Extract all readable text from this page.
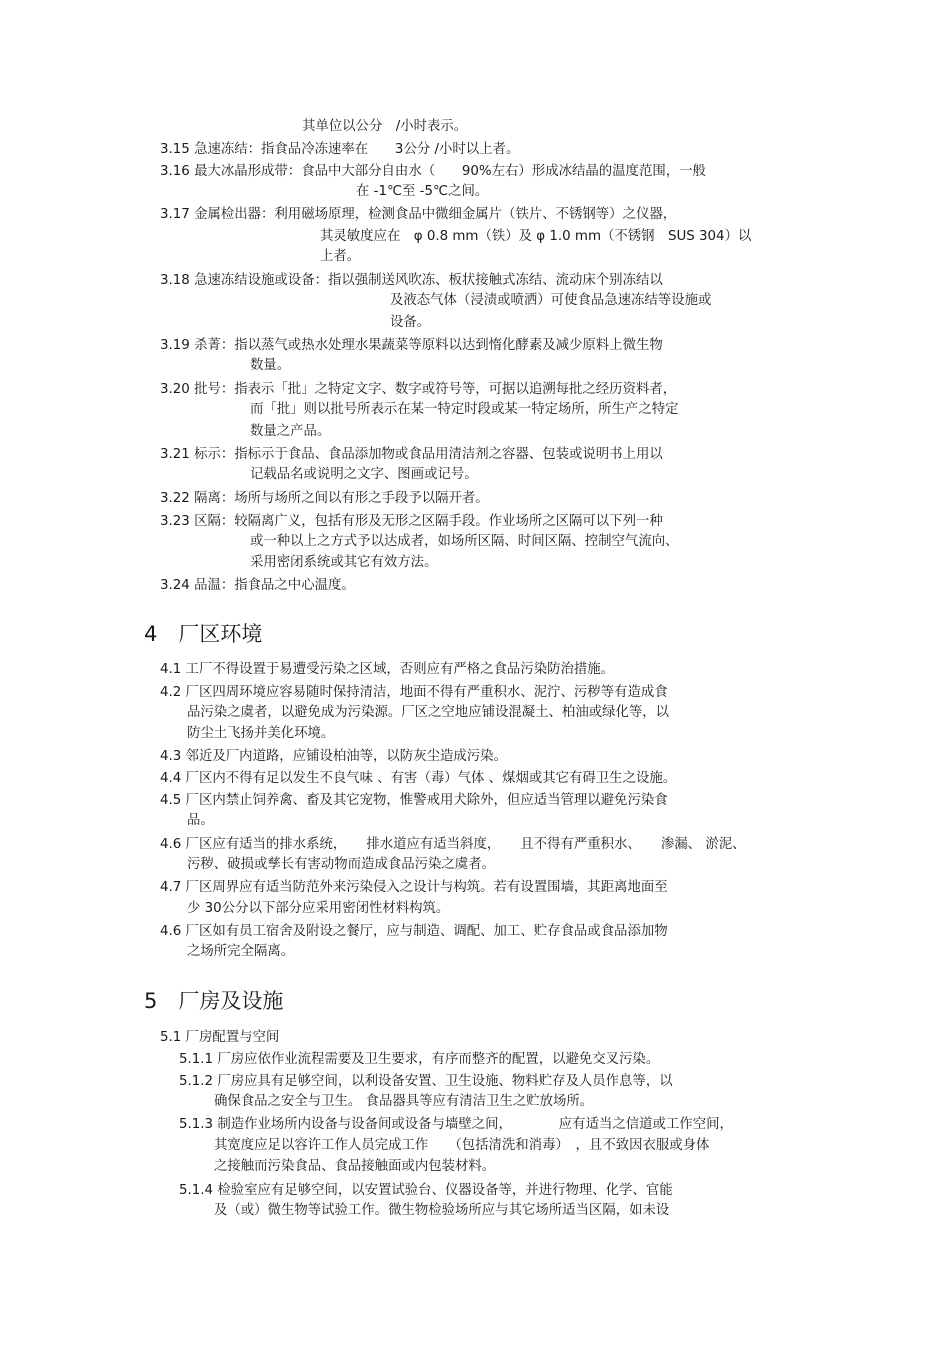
其单位以公分　/小时表示。
3.15 急速冻结：指食品冷冻速率在　　3公分 /小时以上者。
3.16 最大冰晶形成带：食品中大部分自由水（　　90%左右）形成冰结晶的温度范围，一般
在 -1℃至 -5℃之间。
3.17 金属检出器：利用磁场原理，检测食品中微细金属片（铁片、不锈钢等）之仪器，
其灵敏度应在　φ 0.8 mm（铁）及 φ 1.0 mm（不锈钢　SUS 304）以
上者。
3.18 急速冻结设施或设备：指以强制送风吹冻、板状接触式冻结、流动床个别冻结以
及液态气体（浸渍或喷洒）可使食品急速冻结等设施或
设备。
3.19 杀菁：指以蒸气或热水处理水果蔬菜等原料以达到惰化酵素及减少原料上微生物
数量。
3.20 批号：指表示「批」之特定文字、数字或符号等，可据以追溯每批之经历资料者，
而「批」则以批号所表示在某一特定时段或某一特定场所，所生产之特定
数量之产品。
3.21 标示：指标示于食品、食品添加物或食品用清洁剂之容器、包装或说明书上用以
记载品名或说明之文字、图画或记号。
3.22 隔离：场所与场所之间以有形之手段予以隔开者。
3.23 区隔：较隔离广义，包括有形及无形之区隔手段。作业场所之区隔可以下列一种
或一种以上之方式予以达成者，如场所区隔、时间区隔、控制空气流向、
采用密闭系统或其它有效方法。
3.24 品温：指食品之中心温度。
4　厂区环境
4.1 工厂不得设置于易遭受污染之区域，否则应有严格之食品污染防治措施。
4.2 厂区四周环境应容易随时保持清洁，地面不得有严重积水、泥泞、污秽等有造成食
品污染之虞者，以避免成为污染源。厂区之空地应铺设混凝土、柏油或绿化等，以
防尘土飞扬并美化环境。
4.3 邻近及厂内道路，应铺设柏油等，以防灰尘造成污染。
4.4 厂区内不得有足以发生不良气味 、有害（毒）气体 、煤烟或其它有碍卫生之设施。
4.5 厂区内禁止饲养禽、畜及其它宠物，惟警戒用犬除外，但应适当管理以避免污染食
品。
4.6 厂区应有适当的排水系统，　　排水道应有适当斜度，　　且不得有严重积水、　　渗漏、 淤泥、
污秽、破损或孳长有害动物而造成食品污染之虞者。
4.7 厂区周界应有适当防范外来污染侵入之设计与构筑。若有设置围墙，其距离地面至
少 30公分以下部分应采用密闭性材料构筑。
4.6 厂区如有员工宿舍及附设之餐厅，应与制造、调配、加工、贮存食品或食品添加物
之场所完全隔离。
5　厂房及设施
5.1 厂房配置与空间
5.1.1 厂房应依作业流程需要及卫生要求，有序而整齐的配置，以避免交叉污染。
5.1.2 厂房应具有足够空间，以利设备安置、卫生设施、物料贮存及人员作息等，以
确保食品之安全与卫生。 食品器具等应有清洁卫生之贮放场所。
5.1.3 制造作业场所内设备与设备间或设备与墙壁之间，　　　　应有适当之信道或工作空间，
其宽度应足以容许工作人员完成工作　　（包括清洗和消毒）　，且不致因衣服或身体
之接触而污染食品、食品接触面或内包装材料。
5.1.4 检验室应有足够空间，以安置试验台、仪器设备等，并进行物理、化学、官能
及（或）微生物等试验工作。微生物检验场所应与其它场所适当区隔，如未设
